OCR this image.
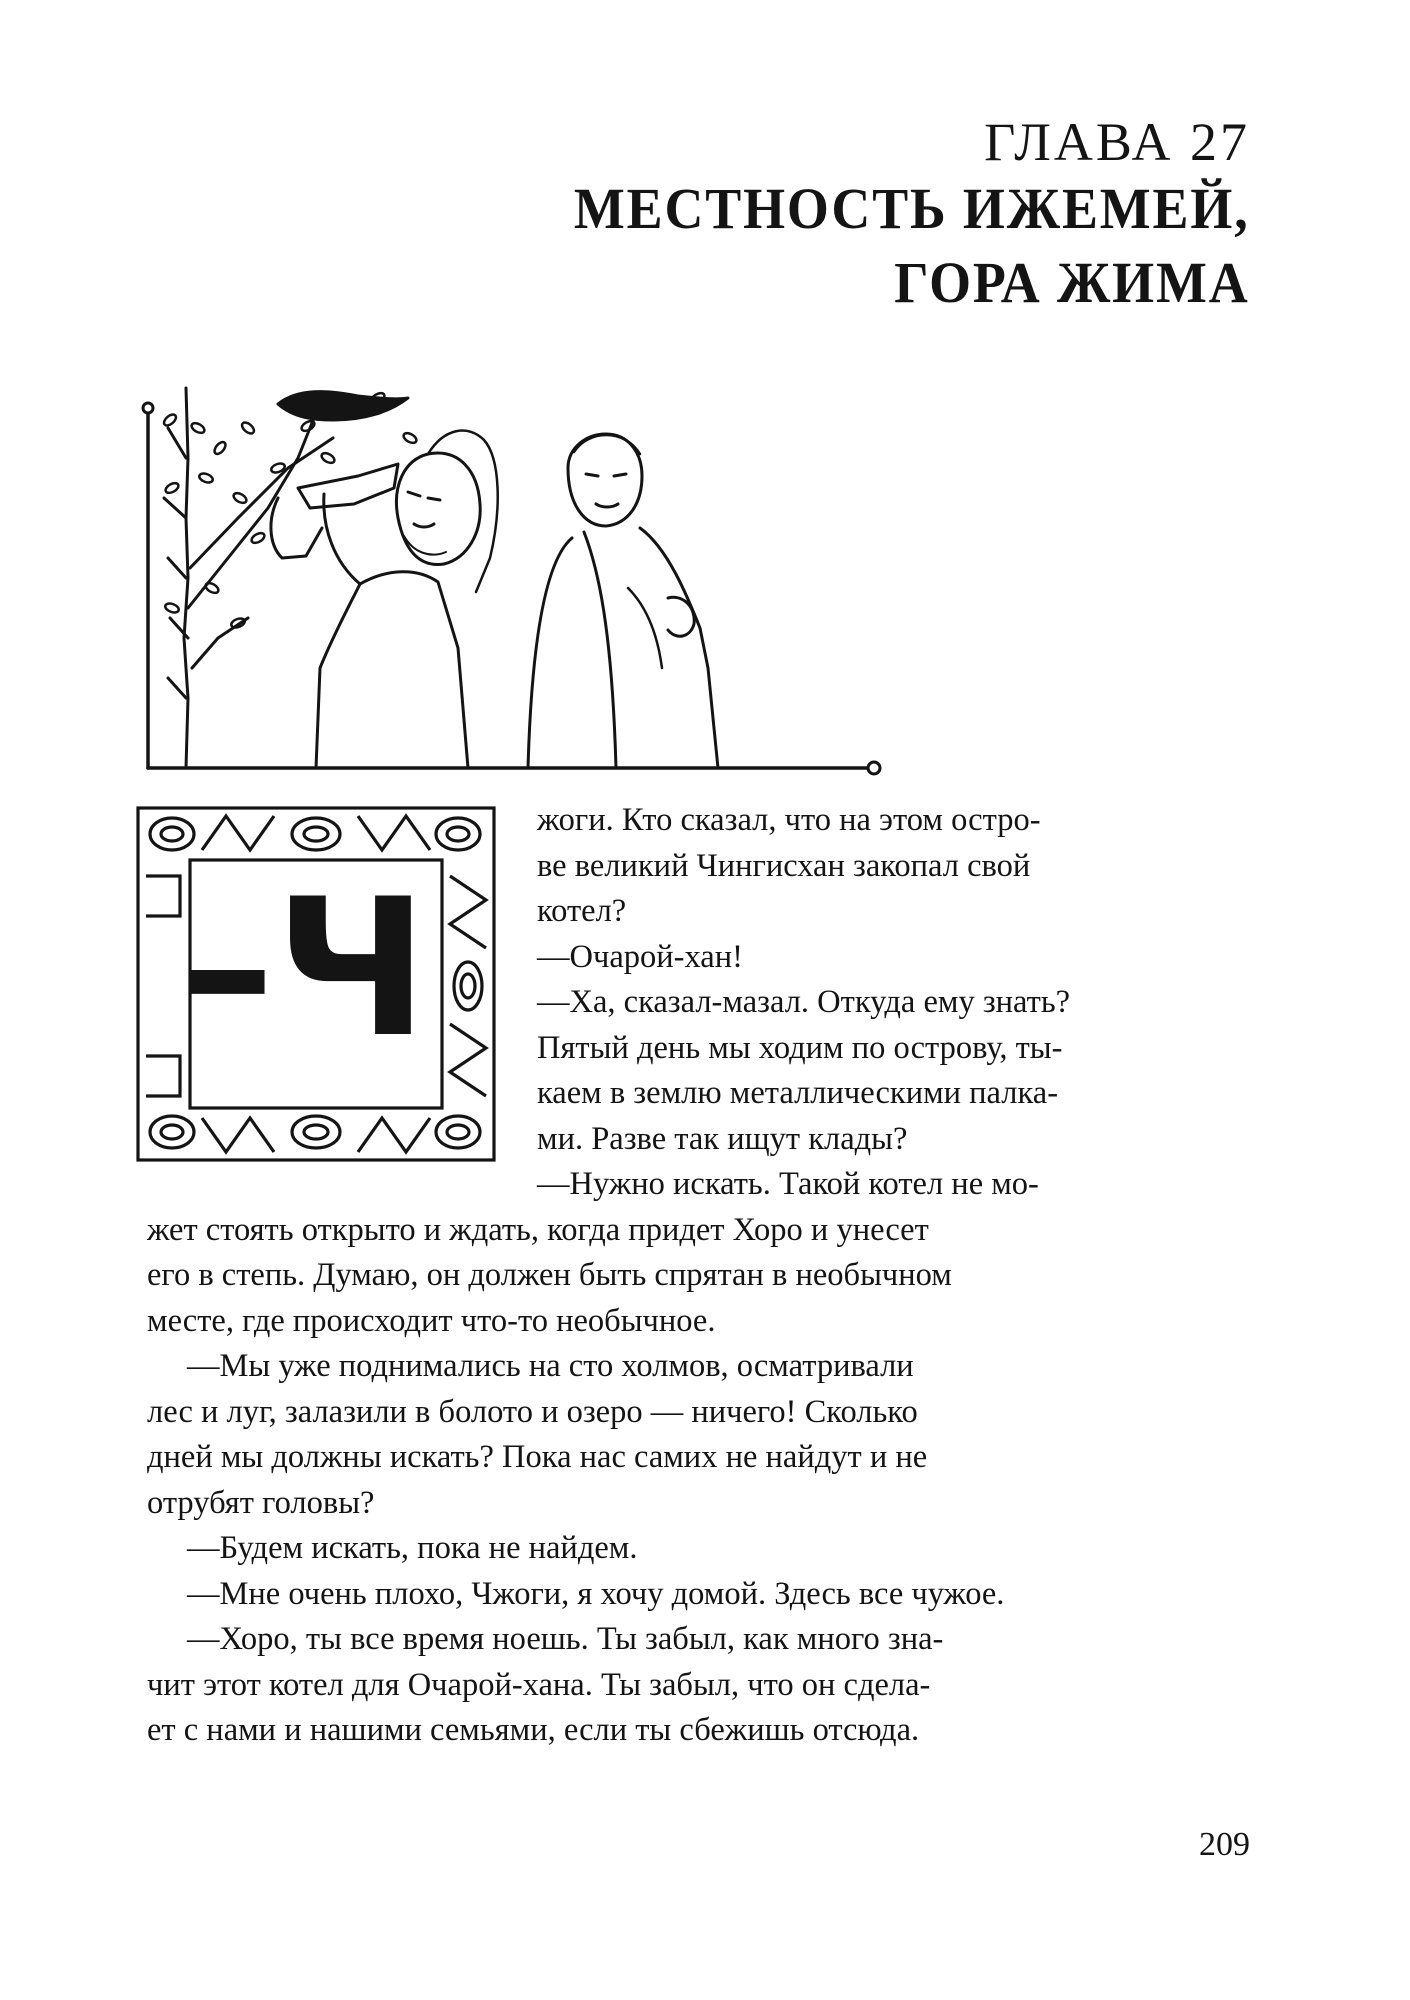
ГЛАВА 27
МЕСТНОСТЬ ИЖЕМЕЙ,
ГОРА ЖИМА
–Ч
жоги. Кто сказал, что на этом остро-
ве великий Чингисхан закопал свой
котел?
—Очарой-хан!
—Ха, сказал-мазал. Откуда ему знать?
Пятый день мы ходим по острову, ты-
каем в землю металлическими палка-
ми. Разве так ищут клады?
—Нужно искать. Такой котел не мо-
жет стоять открыто и ждать, когда придет Хоро и унесет
его в степь. Думаю, он должен быть спрятан в необычном
месте, где происходит что-то необычное.
—Мы уже поднимались на сто холмов, осматривали
лес и луг, залазили в болото и озеро — ничего! Сколько
дней мы должны искать? Пока нас самих не найдут и не
отрубят головы?
—Будем искать, пока не найдем.
—Мне очень плохо, Чжоги, я хочу домой. Здесь все чужое.
—Хоро, ты все время ноешь. Ты забыл, как много зна-
чит этот котел для Очарой-хана. Ты забыл, что он сдела-
ет с нами и нашими семьями, если ты сбежишь отсюда.
209
